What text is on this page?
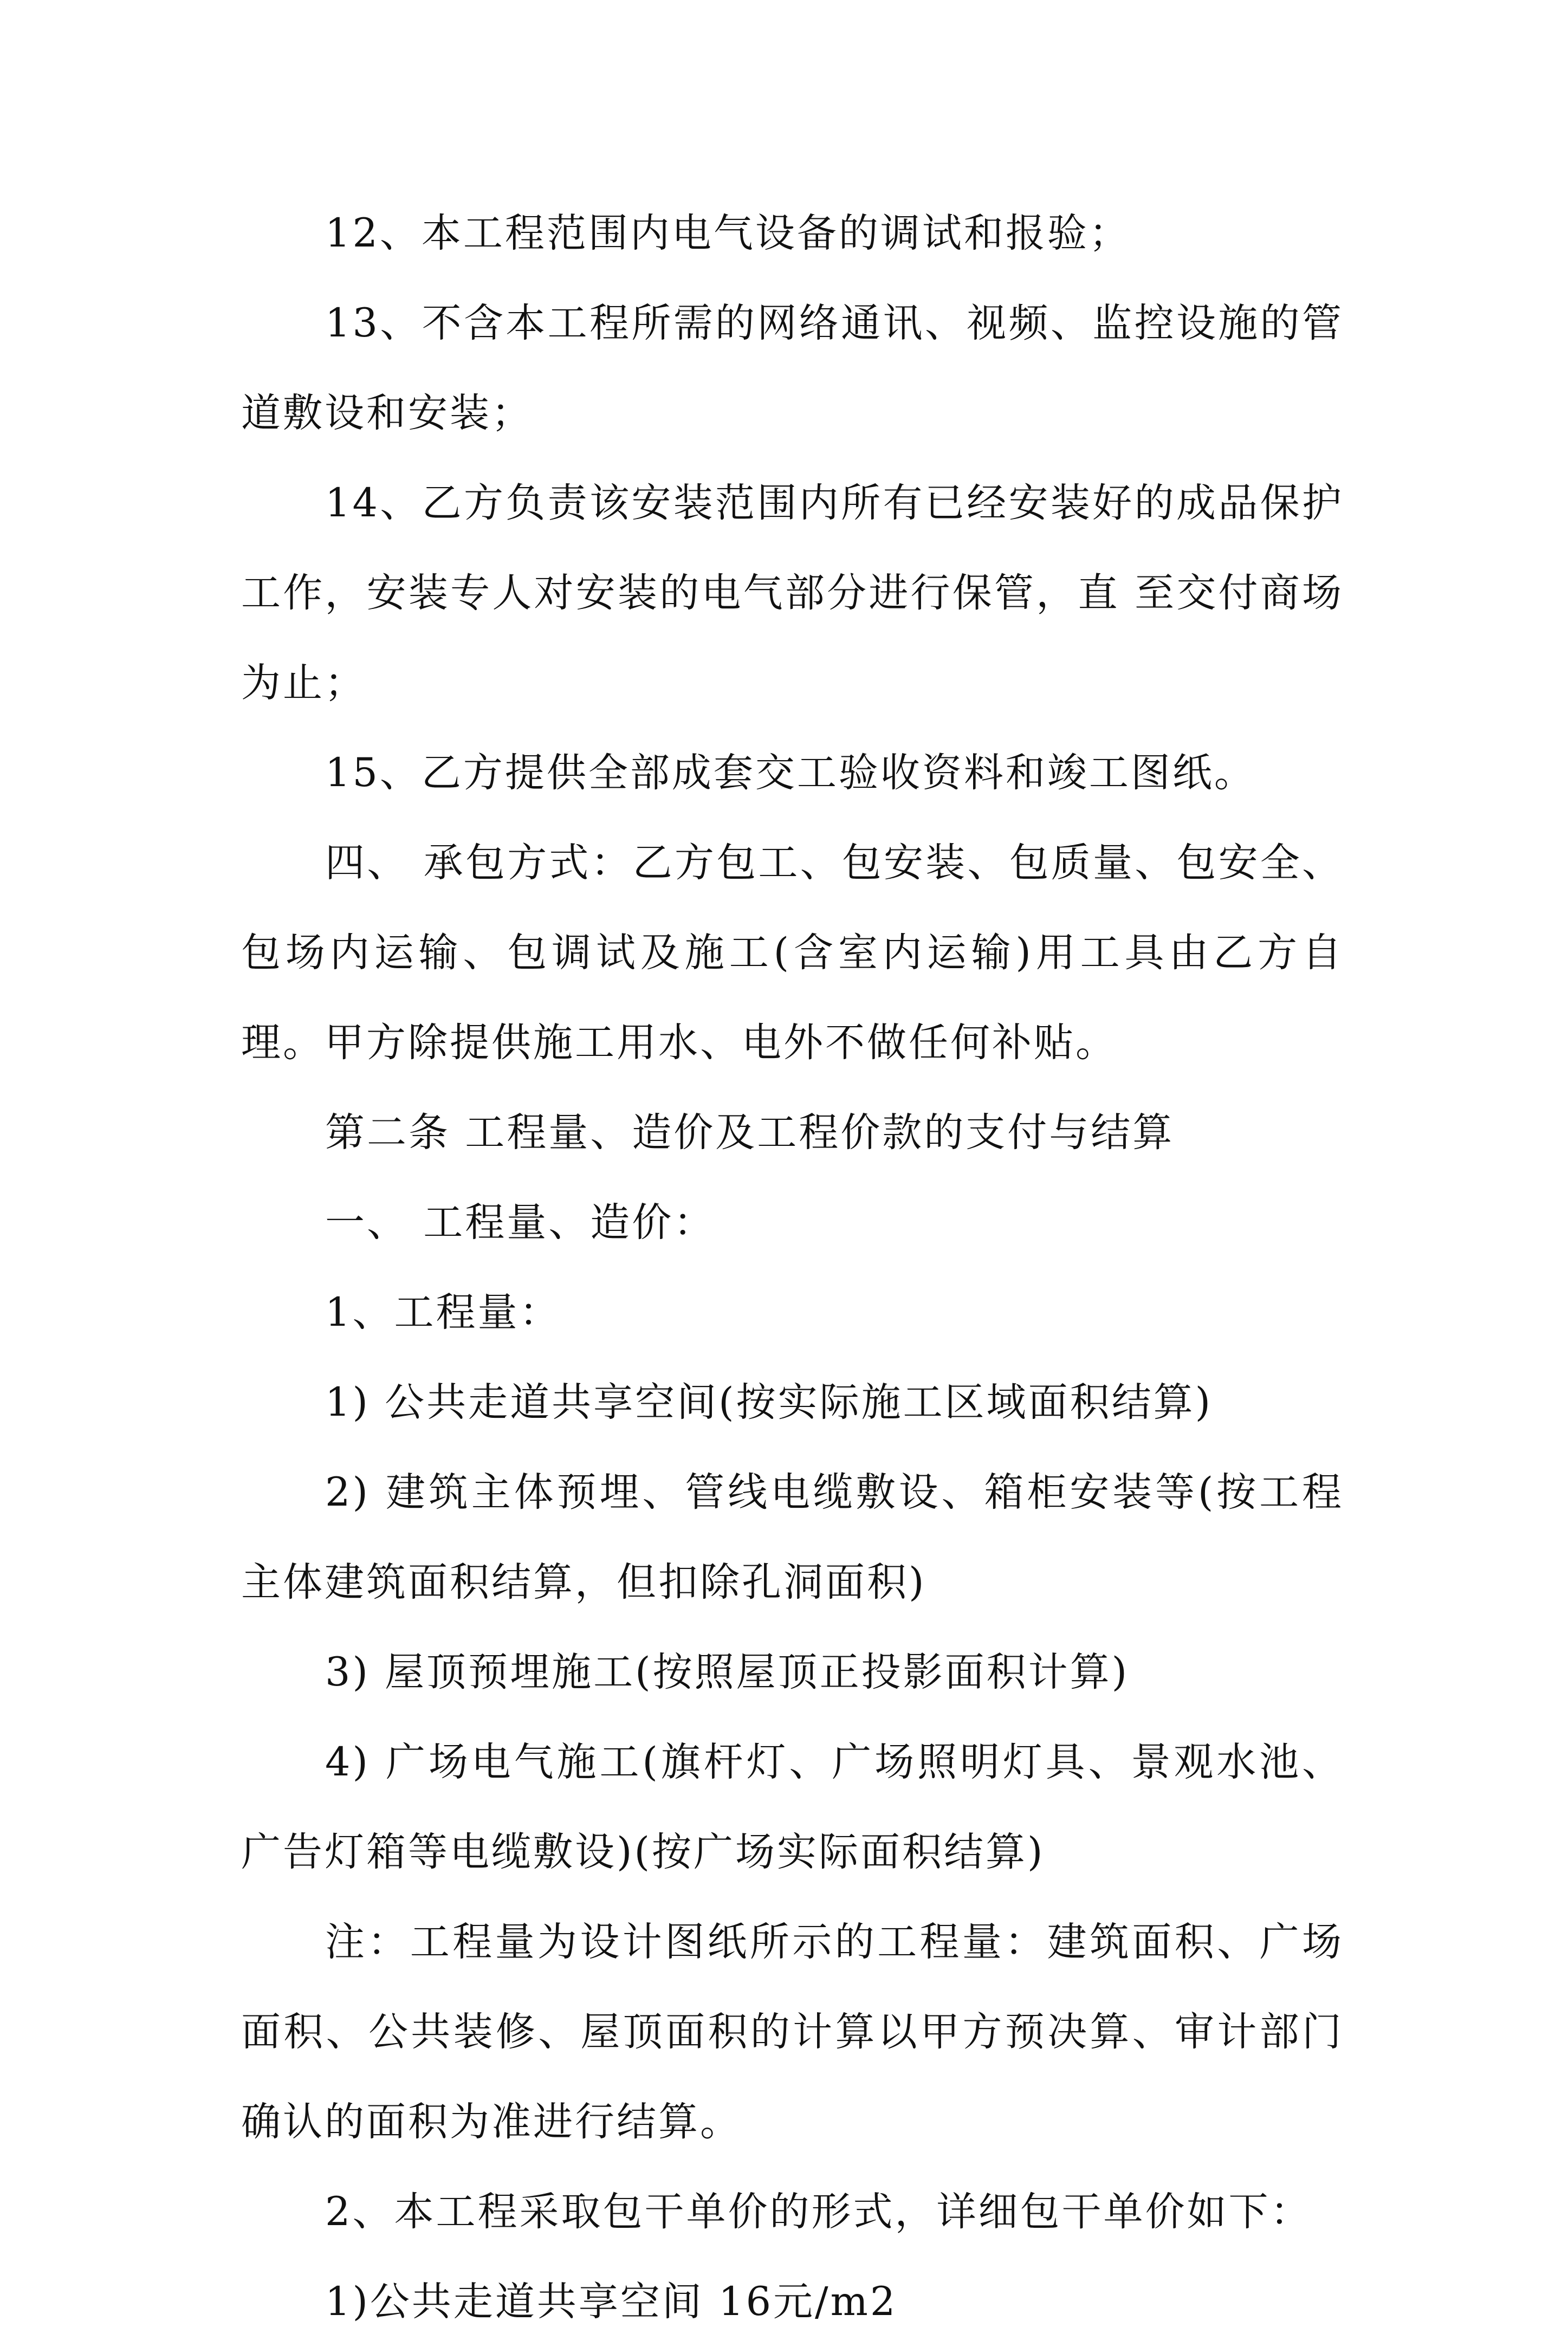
12、本工程范围内电气设备的调试和报验；

13、不含本工程所需的网络通讯、视频、监控设施的管道敷设和安装；

14、乙方负责该安装范围内所有已经安装好的成品保护工作，安装专人对安装的电气部分进行保管，直 至交付商场为止；

15、乙方提供全部成套交工验收资料和竣工图纸。

四、 承包方式：乙方包工、包安装、包质量、包安全、包场内运输、包调试及施工(含室内运输)用工具由乙方自理。甲方除提供施工用水、电外不做任何补贴。

第二条 工程量、造价及工程价款的支付与结算

一、 工程量、造价：

1、工程量：

1) 公共走道共享空间(按实际施工区域面积结算)

2) 建筑主体预埋、管线电缆敷设、箱柜安装等(按工程主体建筑面积结算，但扣除孔洞面积)

3) 屋顶预埋施工(按照屋顶正投影面积计算)

4) 广场电气施工(旗杆灯、广场照明灯具、景观水池、广告灯箱等电缆敷设)(按广场实际面积结算)

注：工程量为设计图纸所示的工程量：建筑面积、广场面积、公共装修、屋顶面积的计算以甲方预决算、审计部门确认的面积为准进行结算。

2、本工程采取包干单价的形式，详细包干单价如下：

1)公共走道共享空间 16元/m2
